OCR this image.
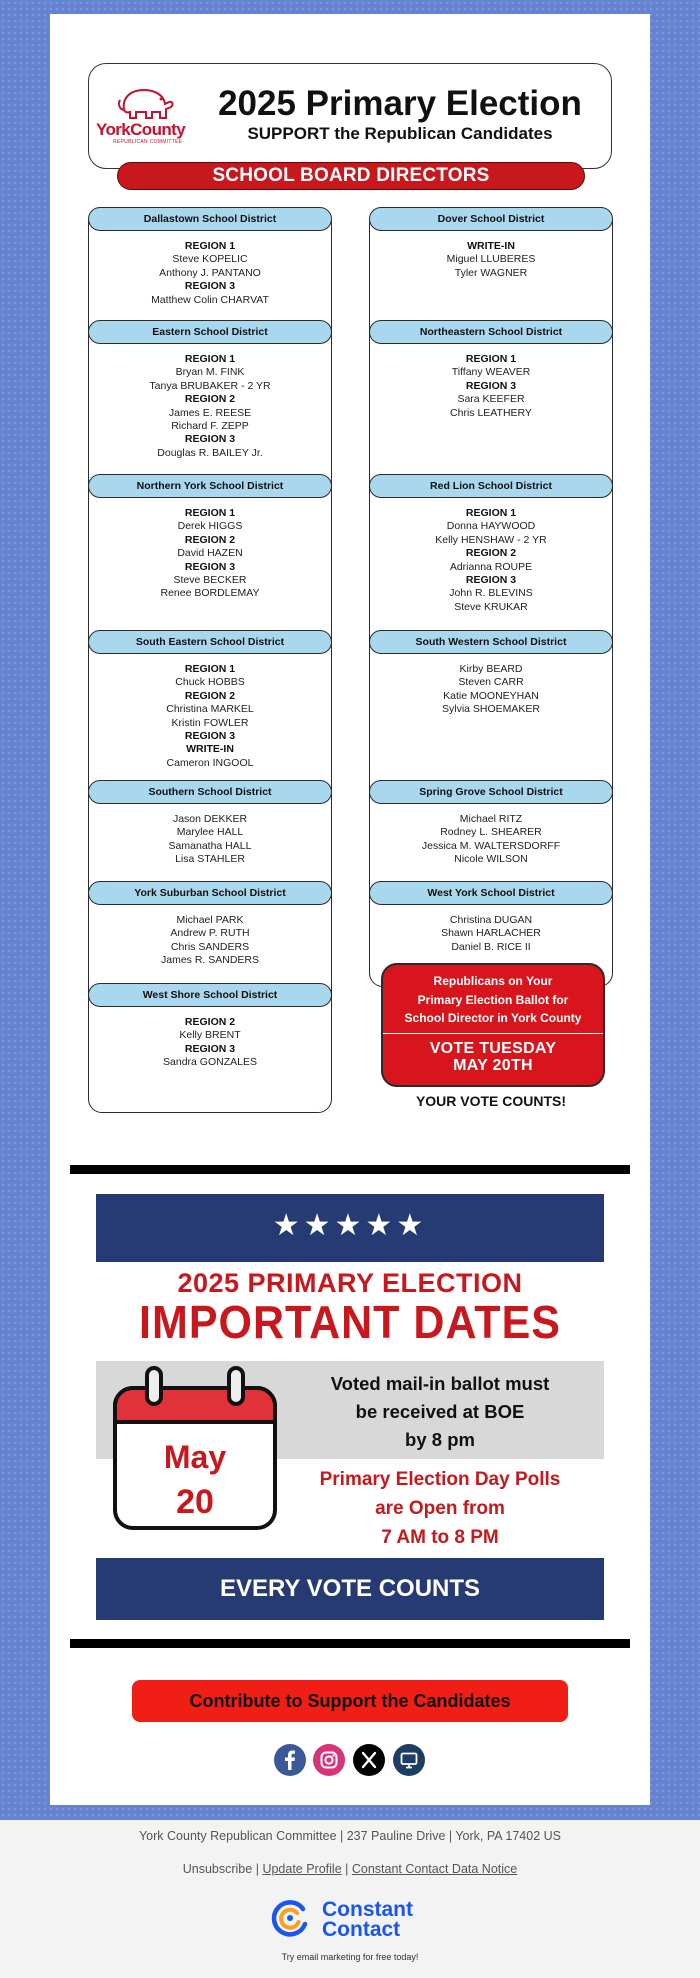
YorkCounty
REPUBLICAN COMMITTEE
2025 Primary Election
SUPPORT the Republican Candidates
SCHOOL BOARD DIRECTORS
Dallastown School District
REGION 1
Steve KOPELIC
Anthony J. PANTANO
REGION 3
Matthew Colin CHARVAT
Eastern School District
REGION 1
Bryan M. FINK
Tanya BRUBAKER - 2 YR
REGION 2
James E. REESE
Richard F. ZEPP
REGION 3
Douglas R. BAILEY Jr.
Northern York School District
REGION 1
Derek HIGGS
REGION 2
David HAZEN
REGION 3
Steve BECKER
Renee BORDLEMAY
South Eastern School District
REGION 1
Chuck HOBBS
REGION 2
Christina MARKEL
Kristin FOWLER
REGION 3
WRITE-IN
Cameron INGOOL
Southern School District
Jason DEKKER
Marylee HALL
Samanatha HALL
Lisa STAHLER
York Suburban School District
Michael PARK
Andrew P. RUTH
Chris SANDERS
James R. SANDERS
West Shore School District
REGION 2
Kelly BRENT
REGION 3
Sandra GONZALES
Dover School District
WRITE-IN
Miguel LLUBERES
Tyler WAGNER
Northeastern School District
REGION 1
Tiffany WEAVER
REGION 3
Sara KEEFER
Chris LEATHERY
Red Lion School District
REGION 1
Donna HAYWOOD
Kelly HENSHAW - 2 YR
REGION 2
Adrianna ROUPE
REGION 3
John R. BLEVINS
Steve KRUKAR
South Western School District
Kirby BEARD
Steven CARR
Katie MOONEYHAN
Sylvia SHOEMAKER
Spring Grove School District
Michael RITZ
Rodney L. SHEARER
Jessica M. WALTERSDORFF
Nicole WILSON
West York School District
Christina DUGAN
Shawn HARLACHER
Daniel B. RICE II
Republicans on Your
Primary Election Ballot for
School Director in York County
VOTE TUESDAY
MAY 20TH
YOUR VOTE COUNTS!
★★★★★
2025 PRIMARY ELECTION
IMPORTANT DATES
Voted mail-in ballot must
be received at BOE
by 8 pm
Primary Election Day Polls
are Open from
7 AM to 8 PM
May
20
EVERY VOTE COUNTS
Contribute to Support the Candidates
York County Republican Committee | 237 Pauline Drive | York, PA 17402 US
Unsubscribe | Update Profile | Constant Contact Data Notice
Constant
Contact
Try email marketing for free today!
